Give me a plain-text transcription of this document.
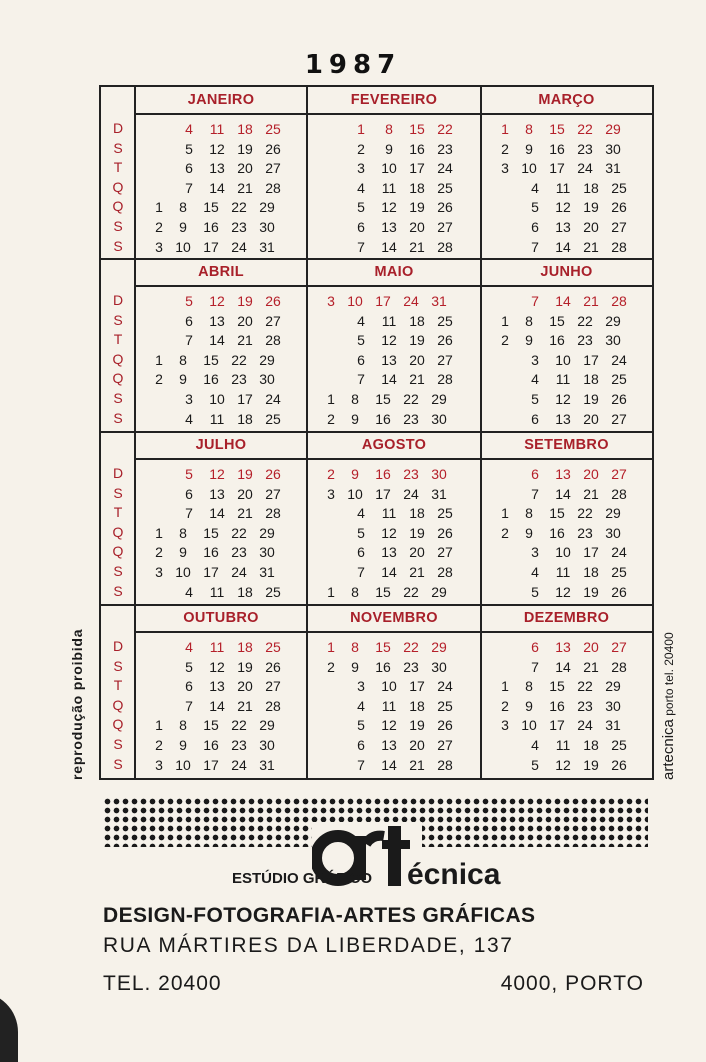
1987
D
S
T
Q
Q
S
S
JANEIRO
4 11 18 25
5 12 19 26
6 13 20 27
7 14 21 28
1 8 15 22 29
2 9 16 23 30
3 10 17 24 31
FEVEREIRO
1 8 15 22
2 9 16 23
3 10 17 24
4 11 18 25
5 12 19 26
6 13 20 27
7 14 21 28
MARÇO
1 8 15 22 29
2 9 16 23 30
3 10 17 24 31
4 11 18 25
5 12 19 26
6 13 20 27
7 14 21 28
D
S
T
Q
Q
S
S
ABRIL
5 12 19 26
6 13 20 27
7 14 21 28
1 8 15 22 29
2 9 16 23 30
3 10 17 24
4 11 18 25
MAIO
3 10 17 24 31
4 11 18 25
5 12 19 26
6 13 20 27
7 14 21 28
1 8 15 22 29
2 9 16 23 30
JUNHO
7 14 21 28
1 8 15 22 29
2 9 16 23 30
3 10 17 24
4 11 18 25
5 12 19 26
6 13 20 27
D
S
T
Q
Q
S
S
JULHO
5 12 19 26
6 13 20 27
7 14 21 28
1 8 15 22 29
2 9 16 23 30
3 10 17 24 31
4 11 18 25
AGOSTO
2 9 16 23 30
3 10 17 24 31
4 11 18 25
5 12 19 26
6 13 20 27
7 14 21 28
1 8 15 22 29
SETEMBRO
6 13 20 27
7 14 21 28
1 8 15 22 29
2 9 16 23 30
3 10 17 24
4 11 18 25
5 12 19 26
D
S
T
Q
Q
S
S
OUTUBRO
4 11 18 25
5 12 19 26
6 13 20 27
7 14 21 28
1 8 15 22 29
2 9 16 23 30
3 10 17 24 31
NOVEMBRO
1 8 15 22 29
2 9 16 23 30
3 10 17 24
4 11 18 25
5 12 19 26
6 13 20 27
7 14 21 28
DEZEMBRO
6 13 20 27
7 14 21 28
1 8 15 22 29
2 9 16 23 30
3 10 17 24 31
4 11 18 25
5 12 19 26
reprodução proibida	artecnica porto tel. 20400
ESTÚDIO GRÁFICO écnica
DESIGN-FOTOGRAFIA-ARTES GRÁFICAS
RUA MÁRTIRES DA LIBERDADE, 137
TEL. 20400	4000, PORTO
